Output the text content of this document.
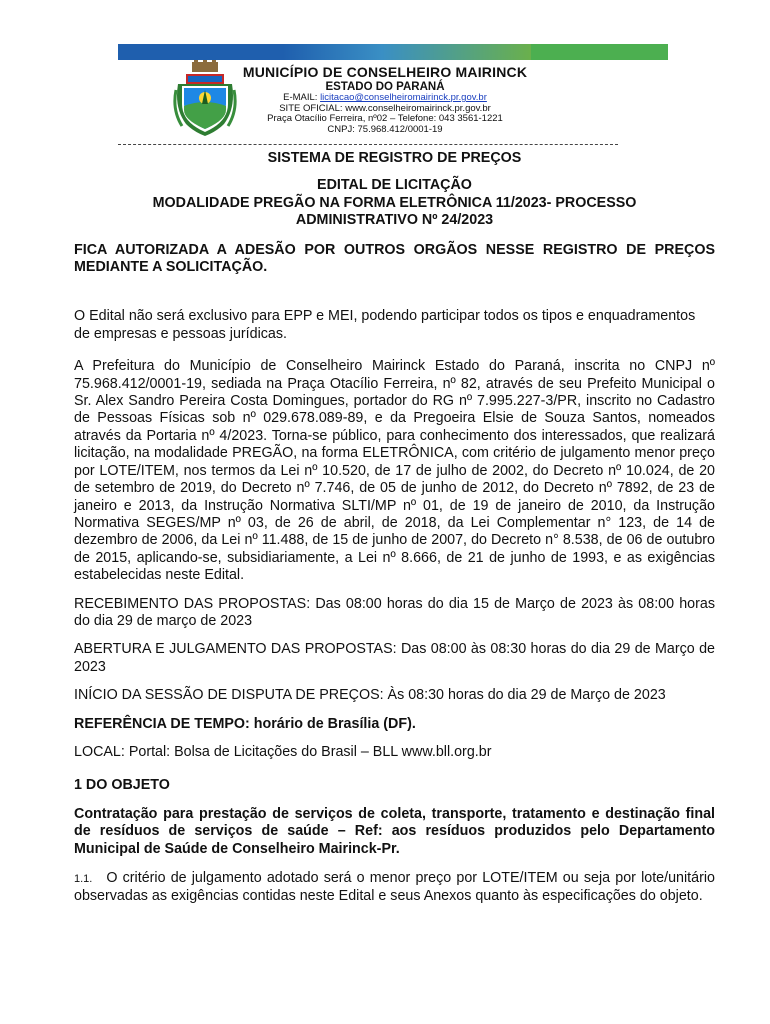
MUNICÍPIO DE CONSELHEIRO MAIRINCK
ESTADO DO PARANÁ
E-MAIL: licitacao@conselheiromairinck.pr.gov.br
SITE OFICIAL: www.conselheiromairinck.pr.gov.br
Praça Otacílio Ferreira, nº02 – Telefone: 043 3561-1221
CNPJ: 75.968.412/0001-19

SISTEMA DE REGISTRO DE PREÇOS

EDITAL DE LICITAÇÃO

MODALIDADE PREGÃO NA FORMA ELETRÔNICA 11/2023- PROCESSO ADMINISTRATIVO Nº 24/2023

FICA AUTORIZADA A ADESÃO POR OUTROS ORGÃOS NESSE REGISTRO DE PREÇOS MEDIANTE A SOLICITAÇÃO.

O Edital não será exclusivo para EPP e MEI, podendo participar todos os tipos e enquadramentos de empresas e pessoas jurídicas.

A Prefeitura do Município de Conselheiro Mairinck Estado do Paraná, inscrita no CNPJ nº 75.968.412/0001-19, sediada na Praça Otacílio Ferreira, nº 82, através de seu Prefeito Municipal o Sr. Alex Sandro Pereira Costa Domingues, portador do RG nº 7.995.227-3/PR, inscrito no Cadastro de Pessoas Físicas sob nº 029.678.089-89, e da Pregoeira Elsie de Souza Santos, nomeados através da Portaria nº 4/2023. Torna-se público, para conhecimento dos interessados, que realizará licitação, na modalidade PREGÃO, na forma ELETRÔNICA, com critério de julgamento menor preço por LOTE/ITEM, nos termos da Lei nº 10.520, de 17 de julho de 2002, do Decreto nº 10.024, de 20 de setembro de 2019, do Decreto nº 7.746, de 05 de junho de 2012, do Decreto nº 7892, de 23 de janeiro e 2013, da Instrução Normativa SLTI/MP nº 01, de 19 de janeiro de 2010, da Instrução Normativa SEGES/MP nº 03, de 26 de abril, de 2018, da Lei Complementar n° 123, de 14 de dezembro de 2006, da Lei nº 11.488, de 15 de junho de 2007, do Decreto n° 8.538, de 06 de outubro de 2015, aplicando-se, subsidiariamente, a Lei nº 8.666, de 21 de junho de 1993, e as exigências estabelecidas neste Edital.

RECEBIMENTO DAS PROPOSTAS: Das 08:00 horas do dia 15 de Março de 2023 às 08:00 horas do dia 29 de março de 2023

ABERTURA E JULGAMENTO DAS PROPOSTAS: Das 08:00 às 08:30 horas do dia 29 de Março de 2023

INÍCIO DA SESSÃO DE DISPUTA DE PREÇOS: Às 08:30 horas do dia 29 de Março de 2023

REFERÊNCIA DE TEMPO: horário de Brasília (DF).

LOCAL: Portal: Bolsa de Licitações do Brasil – BLL www.bll.org.br

1 DO OBJETO

Contratação para prestação de serviços de coleta, transporte, tratamento e destinação final de resíduos de serviços de saúde – Ref: aos resíduos produzidos pelo Departamento Municipal de Saúde de Conselheiro Mairinck-Pr.

1.1. O critério de julgamento adotado será o menor preço por LOTE/ITEM ou seja por lote/unitário observadas as exigências contidas neste Edital e seus Anexos quanto às especificações do objeto.
